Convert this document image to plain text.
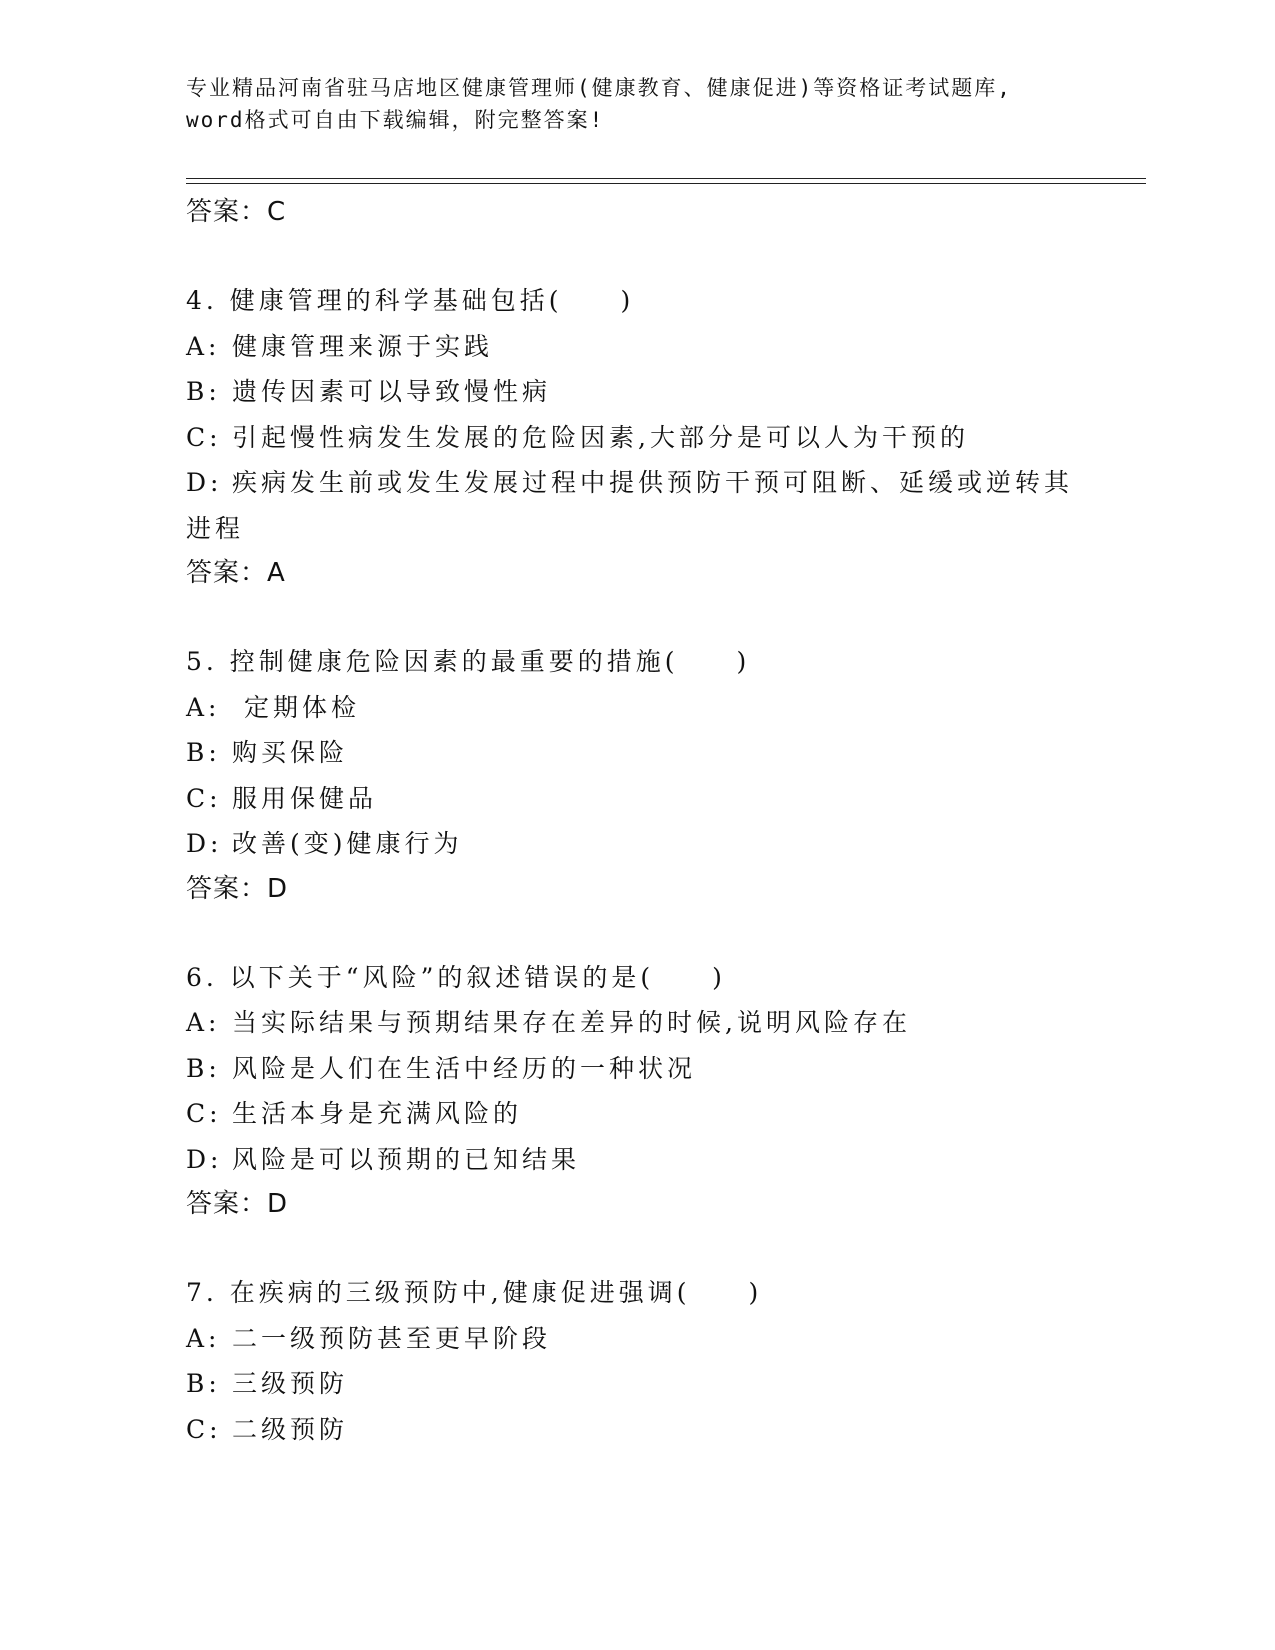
专业精品河南省驻马店地区健康管理师(健康教育、健康促进)等资格证考试题库,
word格式可自由下载编辑，附完整答案!
答案：C
4. 健康管理的科学基础包括(　　)
A: 健康管理来源于实践
B: 遗传因素可以导致慢性病
C: 引起慢性病发生发展的危险因素,大部分是可以人为干预的
D: 疾病发生前或发生发展过程中提供预防干预可阻断、延缓或逆转其进程
答案：A
5. 控制健康危险因素的最重要的措施(　　)
A: 定期体检
B: 购买保险
C: 服用保健品
D: 改善(变)健康行为
答案：D
6. 以下关于“风险”的叙述错误的是(　　)
A: 当实际结果与预期结果存在差异的时候,说明风险存在
B: 风险是人们在生活中经历的一种状况
C: 生活本身是充满风险的
D: 风险是可以预期的已知结果
答案：D
7. 在疾病的三级预防中,健康促进强调(　　)
A: 二一级预防甚至更早阶段
B: 三级预防
C: 二级预防
